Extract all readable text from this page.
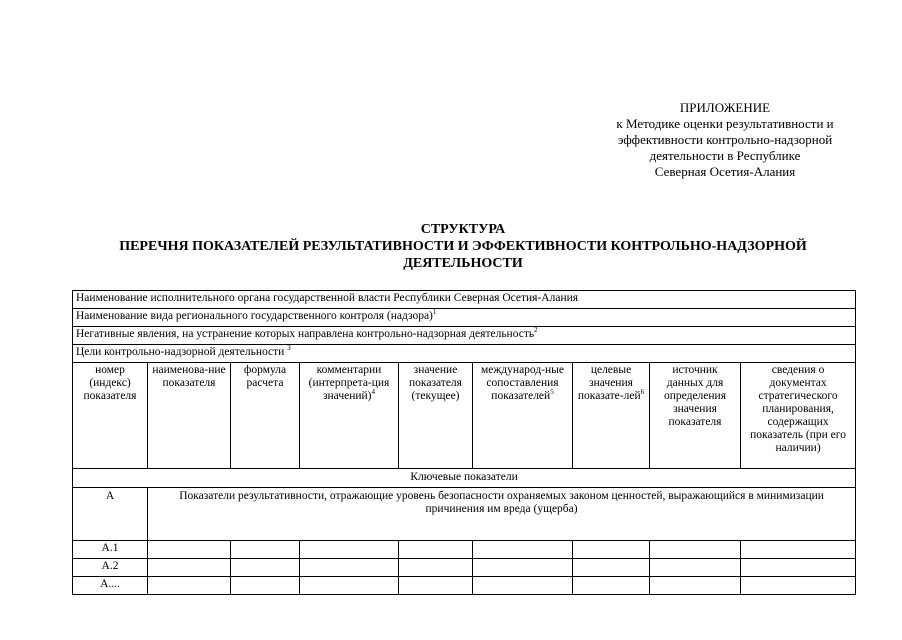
ПРИЛОЖЕНИЕ
к Методике оценки результативности и
эффективности контрольно-надзорной
деятельности в Республике
Северная Осетия-Алания
СТРУКТУРА
ПЕРЕЧНЯ ПОКАЗАТЕЛЕЙ РЕЗУЛЬТАТИВНОСТИ И ЭФФЕКТИВНОСТИ КОНТРОЛЬНО-НАДЗОРНОЙ
ДЕЯТЕЛЬНОСТИ
Наименование исполнительного органа государственной власти Республики Северная Осетия-Алания								
Наименование вида регионального государственного контроля (надзора)$^1$
Негативные явления, на устранение которых направлена контрольно-надзорная деятельность$^2$
Цели контрольно-надзорной деятельности $^3$
номер (индекс) показателя	наименова-ние показателя	формула расчета	комментарии (интерпрета-ция значений)$^4$	значение показателя (текущее)	международ-ные сопоставления показателей$^5$	целевые значения показате-лей$^6$	источник данных для определения значения показателя	сведения о документах стратегического планирования, содержащих показатель (при его наличии)
Ключевые показатели								
А	Показатели результативности, отражающие уровень безопасности охраняемых законом ценностей, выражающийся в минимизации причинения им вреда (ущерба)							
А.1								
А.2								
А....								
